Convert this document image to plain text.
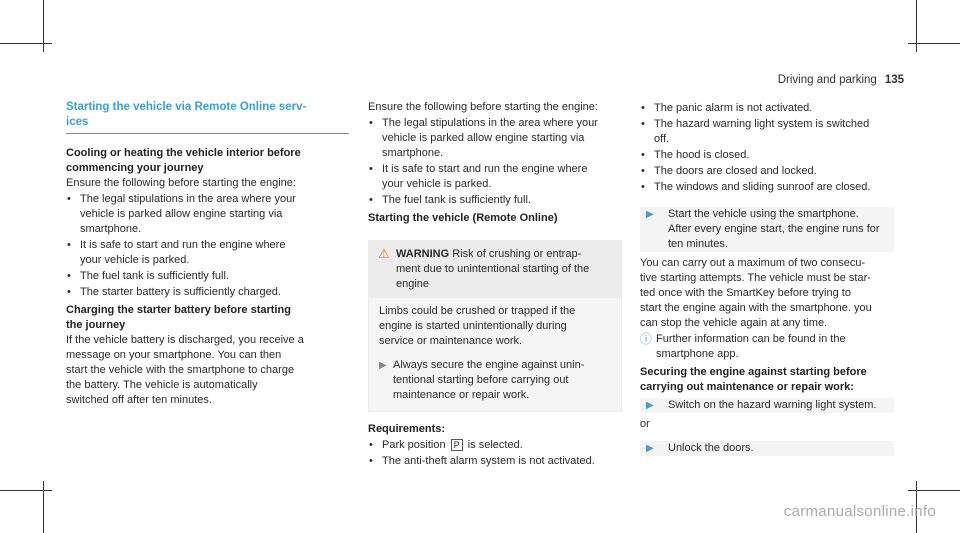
Driving and parking 135
Starting the vehicle via Remote Online serv-
ices

Cooling or heating the vehicle interior before
commencing your journey

Ensure the following before starting the engine:

• The legal stipulations in the area where your
vehicle is parked allow engine starting via
smartphone.
• It is safe to start and run the engine where
your vehicle is parked.
• The fuel tank is sufficiently full.
• The starter battery is sufficiently charged.

Charging the starter battery before starting
the journey

If the vehicle battery is discharged, you receive a
message on your smartphone. You can then
start the vehicle with the smartphone to charge
the battery. The vehicle is automatically
switched off after ten minutes.

Ensure the following before starting the engine:

• The legal stipulations in the area where your
vehicle is parked allow engine starting via
smartphone.
• It is safe to start and run the engine where
your vehicle is parked.
• The fuel tank is sufficiently full.

Starting the vehicle (Remote Online)

⚠ WARNING Risk of crushing or entrap-
ment due to unintentional starting of the
engine

Limbs could be crushed or trapped if the
engine is started unintentionally during
service or maintenance work.

▶ Always secure the engine against unin-
tentional starting before carrying out
maintenance or repair work.

Requirements:

• Park position P is selected.
• The anti-theft alarm system is not activated.
• The panic alarm is not activated.
• The hazard warning light system is switched
off.
• The hood is closed.
• The doors are closed and locked.
• The windows and sliding sunroof are closed.
▶	Start the vehicle using the smartphone.
After every engine start, the engine runs for
ten minutes.

You can carry out a maximum of two consecu-
tive starting attempts. The vehicle must be star-
ted once with the SmartKey before trying to
start the engine again with the smartphone. you
can stop the vehicle again at any time.

ⓘ Further information can be found in the
smartphone app.

Securing the engine against starting before
carrying out maintenance or repair work:

▶	Switch on the hazard warning light system.

or

▶	Unlock the doors.
carmanualsonline.info
